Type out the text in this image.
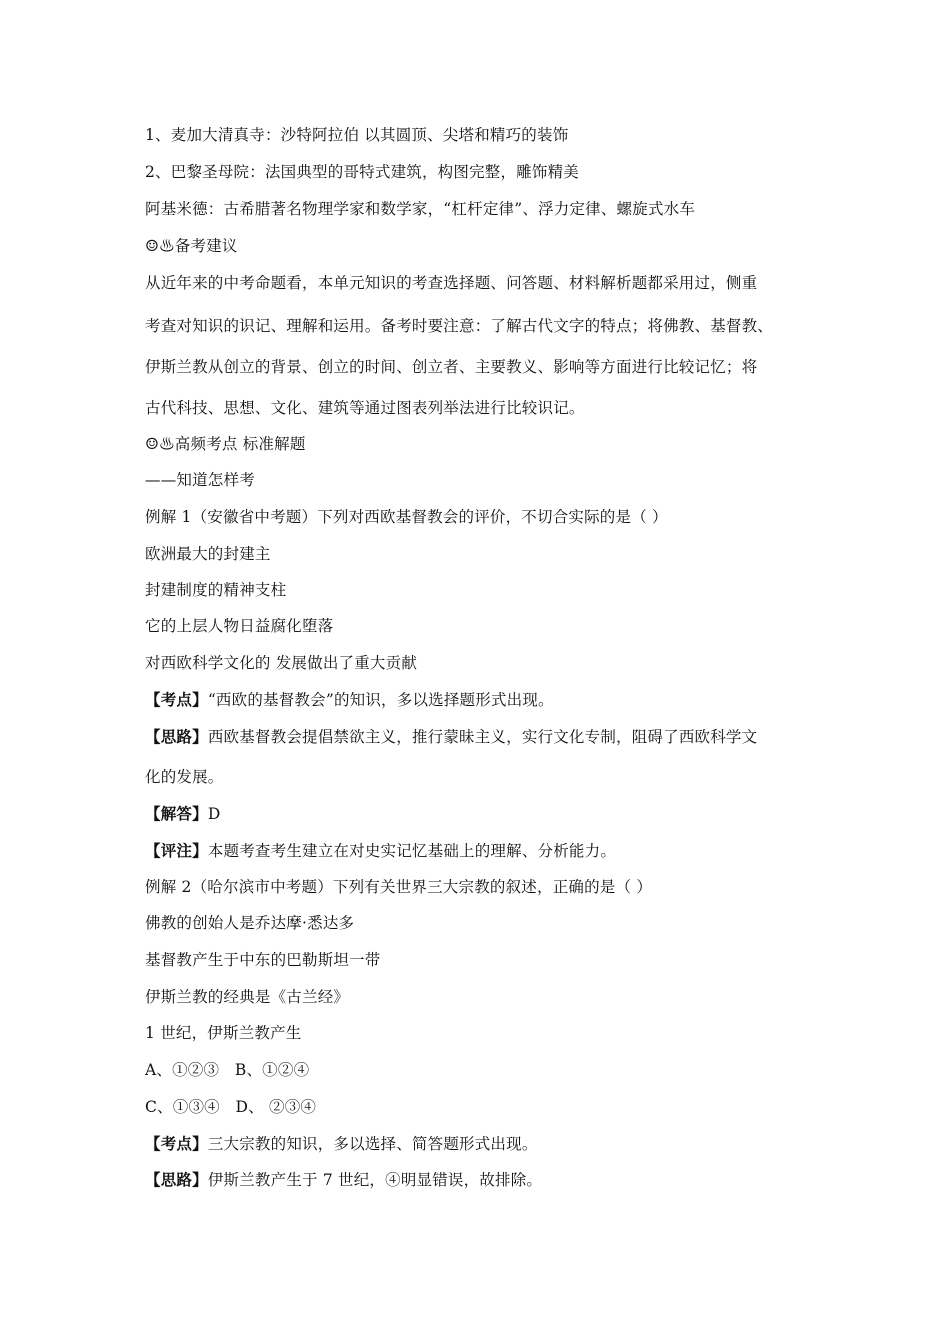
1、麦加大清真寺：沙特阿拉伯 以其圆顶、尖塔和精巧的装饰
2、巴黎圣母院：法国典型的哥特式建筑，构图完整，雕饰精美
阿基米德：古希腊著名物理学家和数学家，“杠杆定律”、浮力定律、螺旋式水车
☺♨备考建议
从近年来的中考命题看，本单元知识的考查选择题、问答题、材料解析题都采用过，侧重
考查对知识的识记、理解和运用。备考时要注意：了解古代文字的特点；将佛教、基督教、
伊斯兰教从创立的背景、创立的时间、创立者、主要教义、影响等方面进行比较记忆；将
古代科技、思想、文化、建筑等通过图表列举法进行比较识记。
☺♨高频考点 标准解题
——知道怎样考
例解 1（安徽省中考题）下列对西欧基督教会的评价，不切合实际的是（ ）
欧洲最大的封建主
封建制度的精神支柱
它的上层人物日益腐化堕落
对西欧科学文化的 发展做出了重大贡献
【考点】“西欧的基督教会”的知识，多以选择题形式出现。
【思路】西欧基督教会提倡禁欲主义，推行蒙昧主义，实行文化专制，阻碍了西欧科学文
化的发展。
【解答】D
【评注】本题考查考生建立在对史实记忆基础上的理解、分析能力。
例解 2（哈尔滨市中考题）下列有关世界三大宗教的叙述，正确的是（ ）
佛教的创始人是乔达摩·悉达多
基督教产生于中东的巴勒斯坦一带
伊斯兰教的经典是《古兰经》
1 世纪，伊斯兰教产生
A、①②③　B、①②④
C、①③④　D、 ②③④
【考点】三大宗教的知识，多以选择、简答题形式出现。
【思路】伊斯兰教产生于 7 世纪，④明显错误，故排除。
